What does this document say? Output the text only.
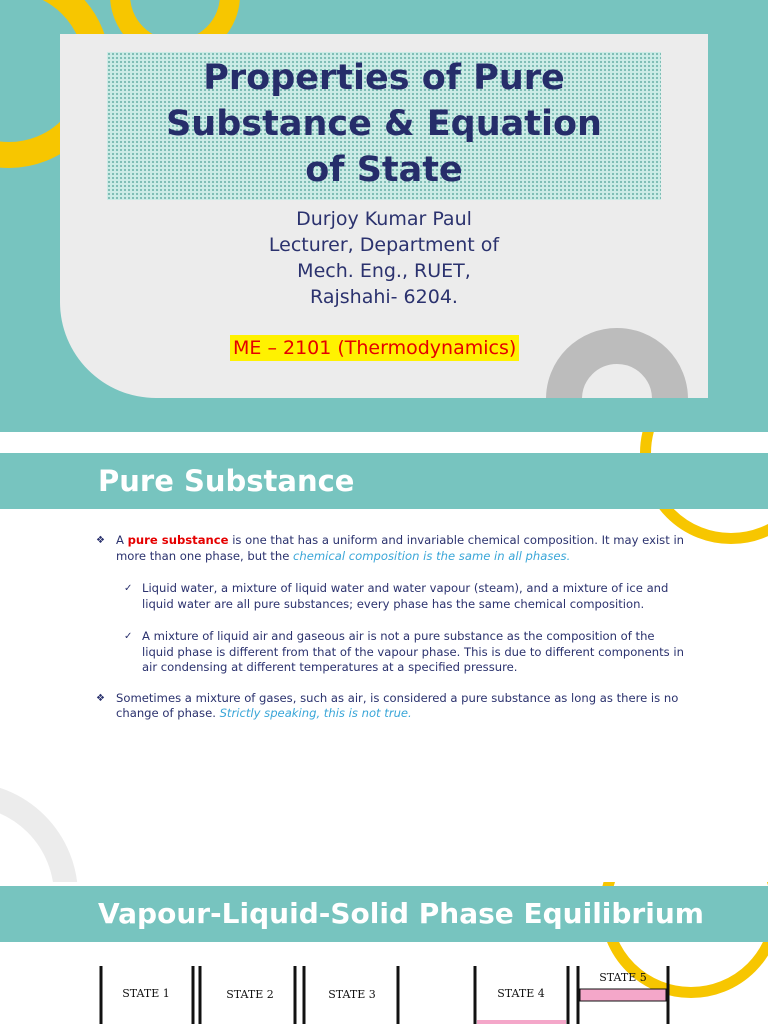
Properties of Pure
Substance & Equation
of State
Durjoy Kumar Paul
Lecturer, Department of
Mech. Eng., RUET,
Rajshahi- 6204.
ME – 2101 (Thermodynamics)
Pure Substance
❖ A pure substance is one that has a uniform and invariable chemical composition. It may exist in more than one phase, but the chemical composition is the same in all phases.
✓ Liquid water, a mixture of liquid water and water vapour (steam), and a mixture of ice and liquid water are all pure substances; every phase has the same chemical composition.
✓ A mixture of liquid air and gaseous air is not a pure substance as the composition of the liquid phase is different from that of the vapour phase. This is due to different components in air condensing at different temperatures at a specified pressure.
❖ Sometimes a mixture of gases, such as air, is considered a pure substance as long as there is no change of phase. Strictly speaking, this is not true.
Vapour-Liquid-Solid Phase Equilibrium
STATE 1	STATE 2	STATE 3	STATE 4
STATE 5
